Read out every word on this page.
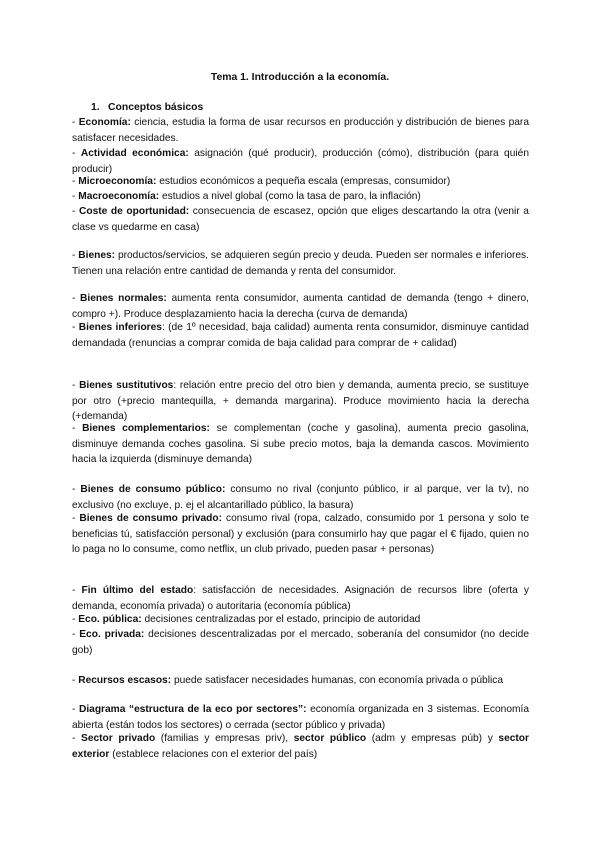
Tema 1. Introducción a la economía.
1. Conceptos básicos

- Economía: ciencia, estudia la forma de usar recursos en producción y distribución de bienes para satisfacer necesidades.

- Actividad económica: asignación (qué producir), producción (cómo), distribución (para quién producir)

- Microeconomía: estudios económicos a pequeña escala (empresas, consumidor)

- Macroeconomía: estudios a nivel global (como la tasa de paro, la inflación)

- Coste de oportunidad: consecuencia de escasez, opción que eliges descartando la otra (venir a clase vs quedarme en casa)

- Bienes: productos/servicios, se adquieren según precio y deuda. Pueden ser normales e inferiores. Tienen una relación entre cantidad de demanda y renta del consumidor.

- Bienes normales: aumenta renta consumidor, aumenta cantidad de demanda (tengo + dinero, compro +). Produce desplazamiento hacia la derecha (curva de demanda)

- Bienes inferiores: (de 1º necesidad, baja calidad) aumenta renta consumidor, disminuye cantidad demandada (renuncias a comprar comida de baja calidad para comprar de + calidad)

- Bienes sustitutivos: relación entre precio del otro bien y demanda, aumenta precio, se sustituye por otro (+precio mantequilla, + demanda margarina). Produce movimiento hacia la derecha (+demanda)

- Bienes complementarios: se complementan (coche y gasolina), aumenta precio gasolina, disminuye demanda coches gasolina. Si sube precio motos, baja la demanda cascos. Movimiento hacia la izquierda (disminuye demanda)

- Bienes de consumo público: consumo no rival (conjunto público, ir al parque, ver la tv), no exclusivo (no excluye, p. ej el alcantarillado público, la basura)

- Bienes de consumo privado: consumo rival (ropa, calzado, consumido por 1 persona y solo te beneficias tú, satisfacción personal) y exclusión (para consumirlo hay que pagar el € fijado, quien no lo paga no lo consume, como netflix, un club privado, pueden pasar + personas)

- Fin último del estado: satisfacción de necesidades. Asignación de recursos libre (oferta y demanda, economía privada) o autoritaria (economía pública)

- Eco. pública: decisiones centralizadas por el estado, principio de autoridad

- Eco. privada: decisiones descentralizadas por el mercado, soberanía del consumidor (no decide gob)

- Recursos escasos: puede satisfacer necesidades humanas, con economía privada o pública

- Diagrama “estructura de la eco por sectores”: economía organizada en 3 sistemas. Economía abierta (están todos los sectores) o cerrada (sector público y privada)

- Sector privado (familias y empresas priv), sector público (adm y empresas púb) y sector exterior (establece relaciones con el exterior del país)
